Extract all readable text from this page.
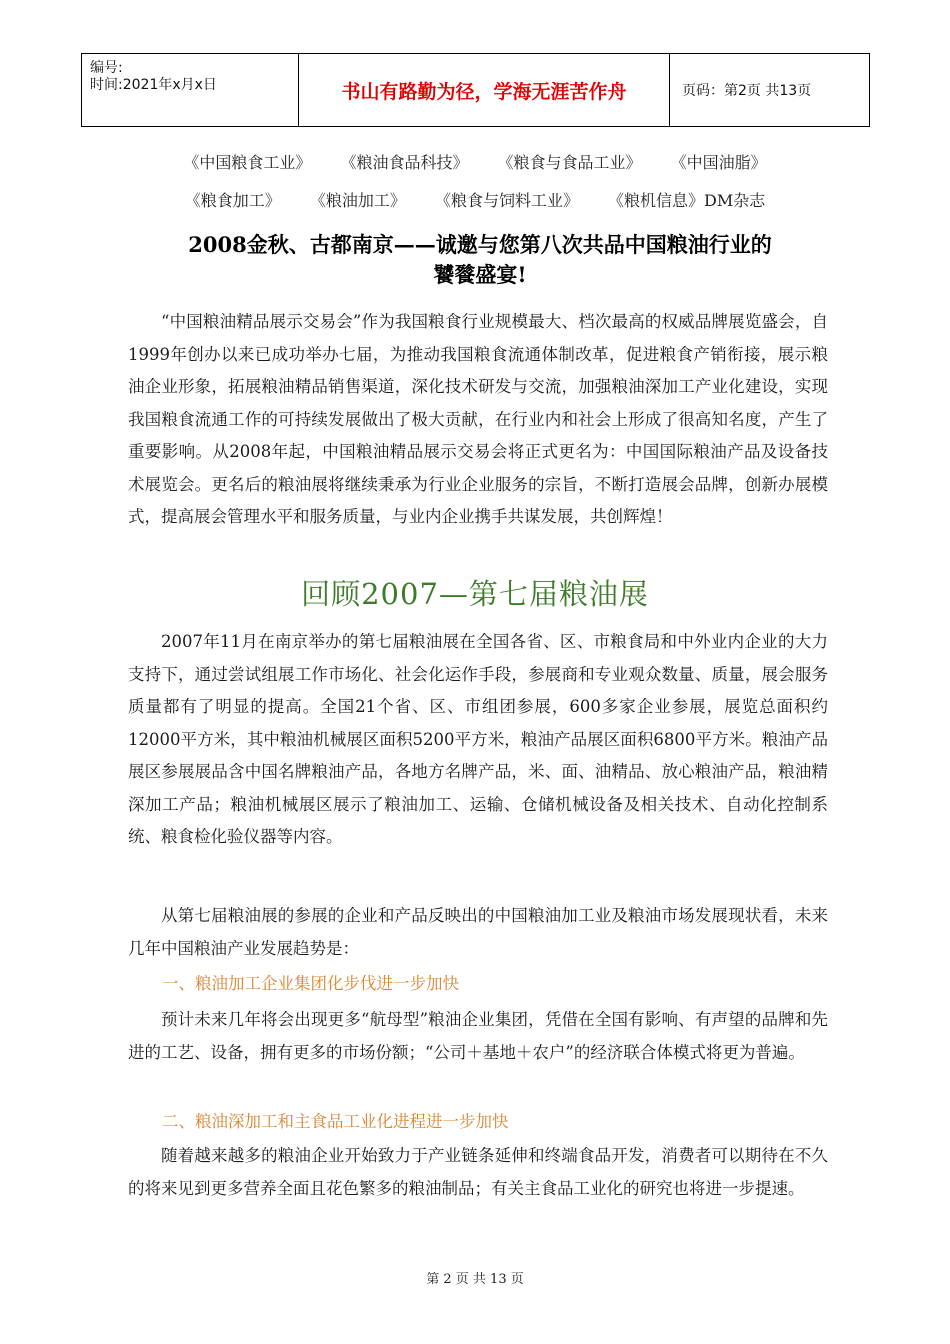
编号:
时间:2021年x月x日	书山有路勤为径，学海无涯苦作舟	页码：第2页 共13页
《中国粮食工业》 《粮油食品科技》 《粮食与食品工业》 《中国油脂》
《粮食加工》 《粮油加工》 《粮食与饲料工业》 《粮机信息》DM杂志
2008金秋、古都南京——诚邀与您第八次共品中国粮油行业的
饕餮盛宴!

“中国粮油精品展示交易会”作为我国粮食行业规模最大、档次最高的权威品牌展览盛会，自1999年创办以来已成功举办七届，为推动我国粮食流通体制改革，促进粮食产销衔接，展示粮油企业形象，拓展粮油精品销售渠道，深化技术研发与交流，加强粮油深加工产业化建设，实现我国粮食流通工作的可持续发展做出了极大贡献，在行业内和社会上形成了很高知名度，产生了重要影响。从2008年起，中国粮油精品展示交易会将正式更名为：中国国际粮油产品及设备技术展览会。更名后的粮油展将继续秉承为行业企业服务的宗旨，不断打造展会品牌，创新办展模式，提高展会管理水平和服务质量，与业内企业携手共谋发展，共创辉煌！

回顾2007—第七届粮油展

2007年11月在南京举办的第七届粮油展在全国各省、区、市粮食局和中外业内企业的大力支持下，通过尝试组展工作市场化、社会化运作手段，参展商和专业观众数量、质量，展会服务质量都有了明显的提高。全国21个省、区、市组团参展，600多家企业参展，展览总面积约12000平方米，其中粮油机械展区面积5200平方米，粮油产品展区面积6800平方米。粮油产品展区参展展品含中国名牌粮油产品，各地方名牌产品，米、面、油精品、放心粮油产品，粮油精深加工产品；粮油机械展区展示了粮油加工、运输、仓储机械设备及相关技术、自动化控制系统、粮食检化验仪器等内容。

从第七届粮油展的参展的企业和产品反映出的中国粮油加工业及粮油市场发展现状看，未来几年中国粮油产业发展趋势是：

一、粮油加工企业集团化步伐进一步加快

预计未来几年将会出现更多“航母型”粮油企业集团，凭借在全国有影响、有声望的品牌和先进的工艺、设备，拥有更多的市场份额；“公司＋基地＋农户”的经济联合体模式将更为普遍。

二、粮油深加工和主食品工业化进程进一步加快

随着越来越多的粮油企业开始致力于产业链条延伸和终端食品开发，消费者可以期待在不久的将来见到更多营养全面且花色繁多的粮油制品；有关主食品工业化的研究也将进一步提速。

第 2 页 共 13 页
